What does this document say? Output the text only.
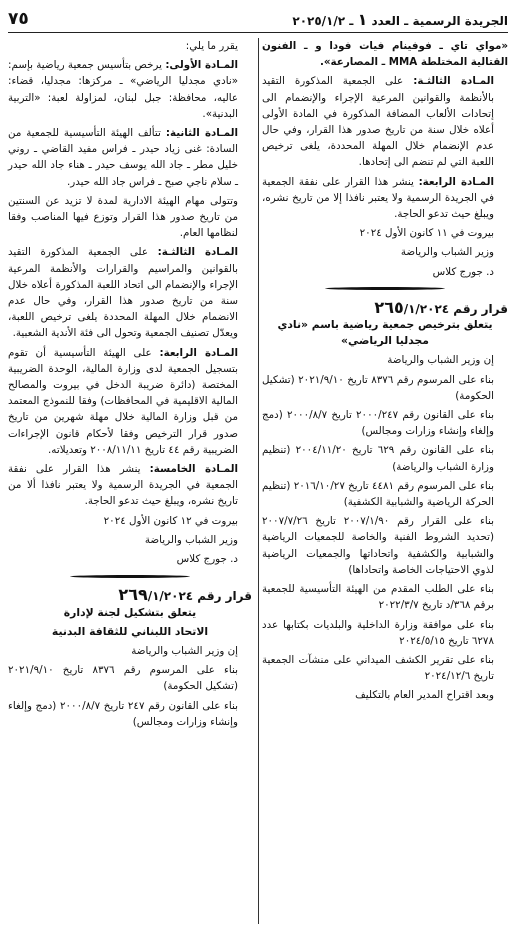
الجريدة الرسمية ـ العدد ١ ـ ٢٠٢٥/١/٢
٧٥

«مواي تاي ـ فوفينام فيات فودا و ـ الفنون القتالية المختلطة MMA ـ المصارعة».

المـادة الثالثـة: على الجمعية المذكورة التقيد بالأنظمة والقوانين المرعية الإجراء والإنضمام الى إتحادات الألعاب المضافة المذكورة في المادة الأولى أعلاه خلال سنة من تاريخ صدور هذا القرار، وفي حال عدم الإنضمام خلال المهلة المحددة، يلغى ترخيص اللعبة التي لم تنضم الى إتحادها.

المـادة الرابعة: ينشر هذا القرار على نفقة الجمعية في الجريدة الرسمية ولا يعتبر نافذا إلا من تاريخ نشره، ويبلغ حيث تدعو الحاجة.

بيروت في ١١ كانون الأول ٢٠٢٤

وزير الشباب والرياضة

د. جورج كلاس

قرار رقم ٢٦٥/١/٢٠٢٤

يتعلق بترخيص جمعية رياضية باسم «نادي مجدليا الرياضي»

إن وزير الشباب والرياضة

بناء على المرسوم رقم ٨٣٧٦ تاريخ ٢٠٢١/٩/١٠ (تشكيل الحكومة)

بناء على القانون رقم ٢٠٠٠/٢٤٧ تاريخ ٢٠٠٠/٨/٧ (دمج وإلغاء وإنشاء وزارات ومجالس)

بناء على القانون رقم ٦٢٩ تاريخ ٢٠٠٤/١١/٢٠ (تنظيم وزارة الشباب والرياضة)

بناء على المرسوم رقم ٤٤٨١ تاريخ ٢٠١٦/١٠/٢٧ (تنظيم الحركة الرياضية والشبابية الكشفية)

بناء على القرار رقم ٢٠٠٧/١/٩٠ تاريخ ٢٠٠٧/٧/٢٦ (تحديد الشروط الفنية والخاصة للجمعيات الرياضية والشبابية والكشفية واتحاداتها والجمعيات الرياضية لذوي الاحتياجات الخاصة واتحاداها)

بناء على الطلب المقدم من الهيئة التأسيسية للجمعية برقم ٣٦٨/د تاريخ ٢٠٢٢/٣/٧

بناء على موافقة وزارة الداخلية والبلديات بكتابها عدد ٦٢٧٨ تاريخ ٢٠٢٤/٥/١٥

بناء على تقرير الكشف الميداني على منشآت الجمعية تاريخ ٢٠٢٤/١٢/٦

وبعد اقتراح المدير العام بالتكليف

يقرر ما يلي:

المـادة الأولى: يرخص بتأسيس جمعية رياضية بإسم: «نادي مجدليا الرياضي» ـ مركزها: مجدليا، قضاء: عاليه، محافظة: جبل لبنان، لمزاولة لعبة: «التربية البدنية».

المـادة الثانية: تتألف الهيئة التأسيسية للجمعية من السادة: غنى زياد حيدر ـ فراس مفيد القاضي ـ روني خليل مطر ـ جاد الله يوسف حيدر ـ هناء جاد الله حيدر ـ سلام ناجي صبح ـ فراس جاد الله حيدر.

وتتولى مهام الهيئة الادارية لمدة لا تزيد عن السنتين من تاريخ صدور هذا القرار وتوزع فيها المناصب وفقا لنظامها العام.

المـادة الثالثـة: على الجمعية المذكورة التقيد بالقوانين والمراسيم والقرارات والأنظمة المرعية الإجراء والإنضمام الى اتحاد اللعبة المذكورة أعلاه خلال سنة من تاريخ صدور هذا القرار، وفي حال عدم الانضمام خلال المهلة المحددة يلغى ترخيص اللعبة، ويعدّل تصنيف الجمعية وتحول الى فئة الأندية الشعبية.

المـادة الرابعة: على الهيئة التأسيسية أن تقوم بتسجيل الجمعية لدى وزارة المالية، الوحدة الضريبية المختصة (دائرة ضريبة الدخل في بيروت والمصالح المالية الاقليمية في المحافظات) وفقا للنموذج المعتمد من قبل وزارة المالية خلال مهلة شهرين من تاريخ صدور قرار الترخيص وفقا لأحكام قانون الإجراءات الضريبية رقم ٤٤ تاريخ ٢٠٠٨/١١/١١ وتعديلاته.

المـادة الخامسة: ينشر هذا القرار على نفقة الجمعية في الجريدة الرسمية ولا يعتبر نافذا ألا من تاريخ نشره، ويبلغ حيث تدعو الحاجة.

بيروت في ١٢ كانون الأول ٢٠٢٤

وزير الشباب والرياضة

د. جورج كلاس

قرار رقم ٢٦٩/١/٢٠٢٤

يتعلق بتشكيل لجنة لإدارة

الاتحاد اللبناني للثقافة البدنية

إن وزير الشباب والرياضة

بناء على المرسوم رقم ٨٣٧٦ تاريخ ٢٠٢١/٩/١٠ (تشكيل الحكومة)

بناء على القانون رقم ٢٤٧ تاريخ ٢٠٠٠/٨/٧ (دمج وإلغاء وإنشاء وزارات ومجالس)
